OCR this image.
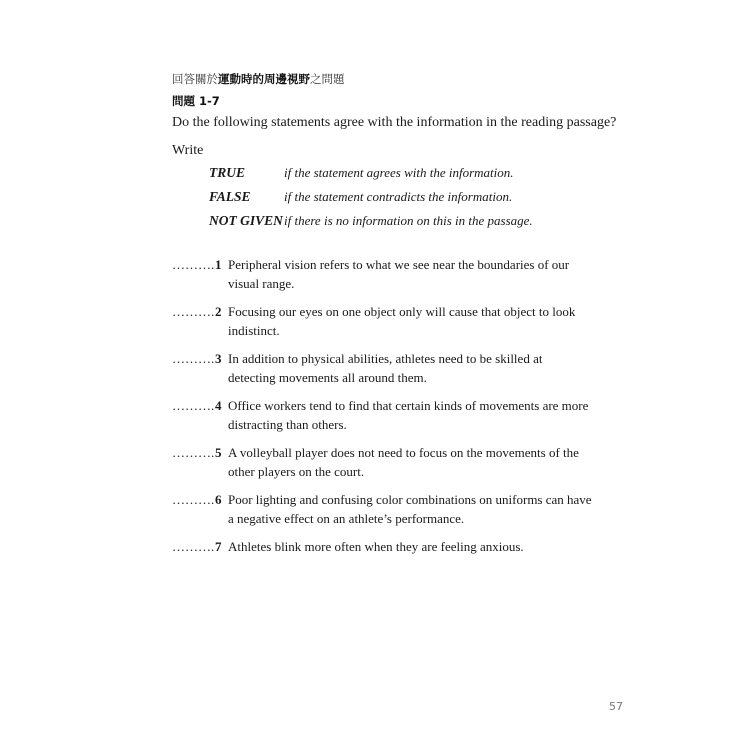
回答關於運動時的周邊視野之問題
問題 1-7
Do the following statements agree with the information in the reading passage?
Write
TRUE	if the statement agrees with the information.
FALSE	if the statement contradicts the information.
NOT GIVEN if there is no information on this in the passage.
………. 1 Peripheral vision refers to what we see near the boundaries of our visual range.
………. 2 Focusing our eyes on one object only will cause that object to look indistinct.
………. 3 In addition to physical abilities, athletes need to be skilled at detecting movements all around them.
………. 4 Office workers tend to find that certain kinds of movements are more distracting than others.
………. 5 A volleyball player does not need to focus on the movements of the other players on the court.
………. 6 Poor lighting and confusing color combinations on uniforms can have a negative effect on an athlete’s performance.
………. 7 Athletes blink more often when they are feeling anxious.
57
